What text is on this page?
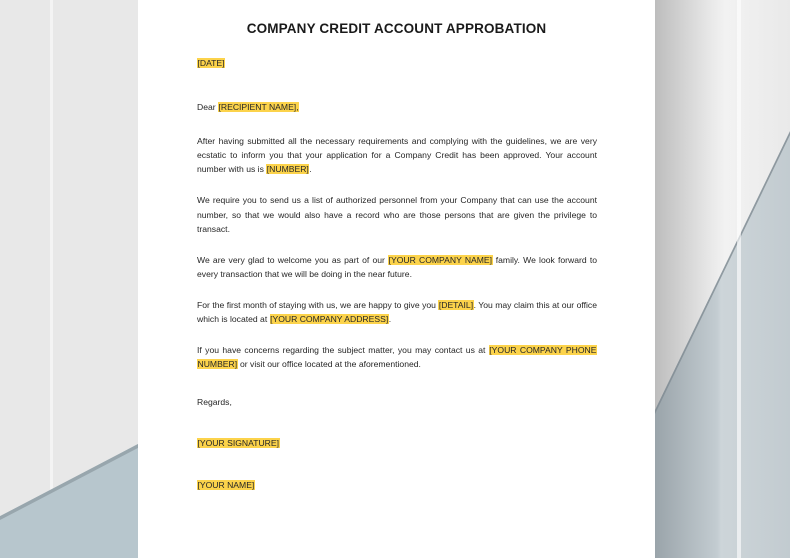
COMPANY CREDIT ACCOUNT APPROBATION
[DATE]
Dear [RECIPIENT NAME],

After having submitted all the necessary requirements and complying with the guidelines, we are very ecstatic to inform you that your application for a Company Credit has been approved. Your account number with us is [NUMBER].

We require you to send us a list of authorized personnel from your Company that can use the account number, so that we would also have a record who are those persons that are given the privilege to transact.

We are very glad to welcome you as part of our [YOUR COMPANY NAME] family. We look forward to every transaction that we will be doing in the near future.

For the first month of staying with us, we are happy to give you [DETAIL]. You may claim this at our office which is located at [YOUR COMPANY ADDRESS].

If you have concerns regarding the subject matter, you may contact us at [YOUR COMPANY PHONE NUMBER] or visit our office located at the aforementioned.

Regards,
[YOUR SIGNATURE]
[YOUR NAME]
